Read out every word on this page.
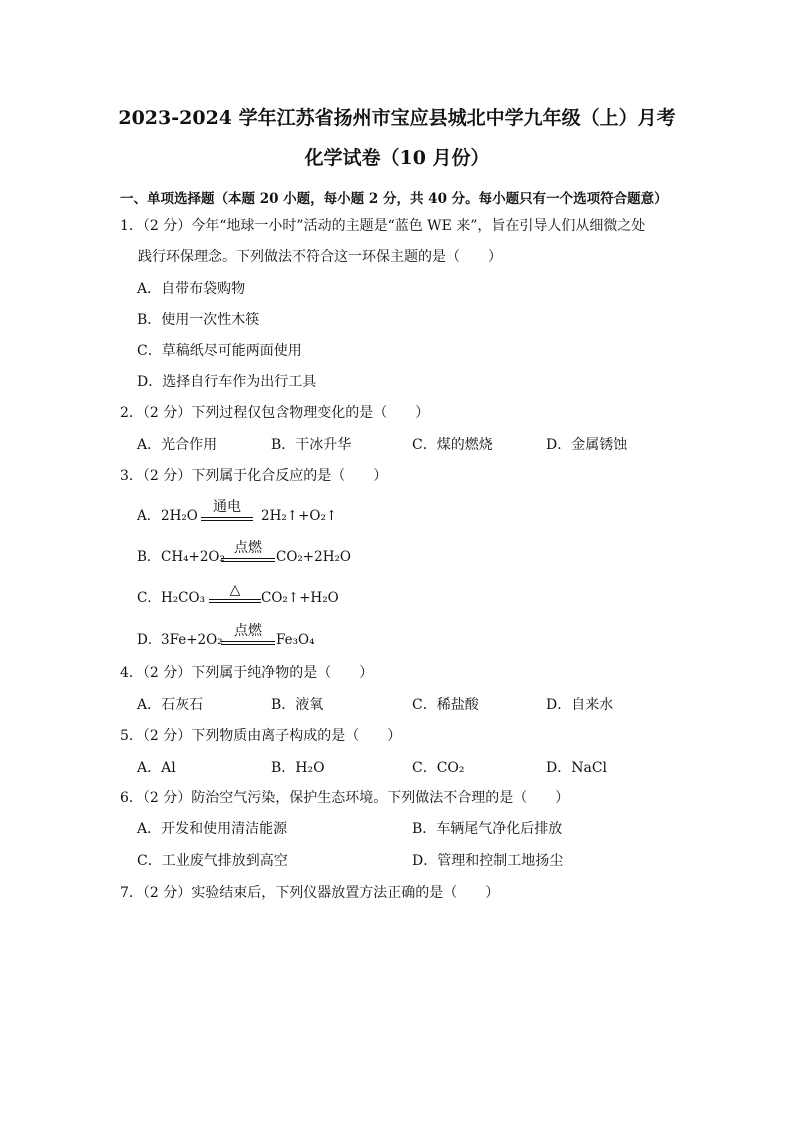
2023-2024 学年江苏省扬州市宝应县城北中学九年级（上）月考
化学试卷（10 月份）
一、单项选择题（本题 20 小题，每小题 2 分，共 40 分。每小题只有一个选项符合题意）
1．（2 分）今年“地球一小时”活动的主题是“蓝色 WE 来”，旨在引导人们从细微之处
践行环保理念。下列做法不符合这一环保主题的是（　　）
A．自带布袋购物
B．使用一次性木筷
C．草稿纸尽可能两面使用
D．选择自行车作为出行工具
2．（2 分）下列过程仅包含物理变化的是（　　）
A．光合作用	B．干冰升华	C．煤的燃烧	D．金属锈蚀
3．（2 分）下列属于化合反应的是（　　）
A． 2H₂O
通电
2H₂↑+O₂↑
B． CH₄+2O₂
点燃
CO₂+2H₂O
C． H₂CO₃	△	CO₂↑+H₂O
D． 3Fe+2O₂
点燃
Fe₃O₄
4．（2 分）下列属于纯净物的是（　　）
A．石灰石	B．液氧	C．稀盐酸	D．自来水
5．（2 分）下列物质由离子构成的是（　　）
A．Al	B．H₂O	C．CO₂	D．NaCl
6．（2 分）防治空气污染，保护生态环境。下列做法不合理的是（　　）
A．开发和使用清洁能源	B．车辆尾气净化后排放
C．工业废气排放到高空	D．管理和控制工地扬尘
7．（2 分）实验结束后，下列仪器放置方法正确的是（　　）
